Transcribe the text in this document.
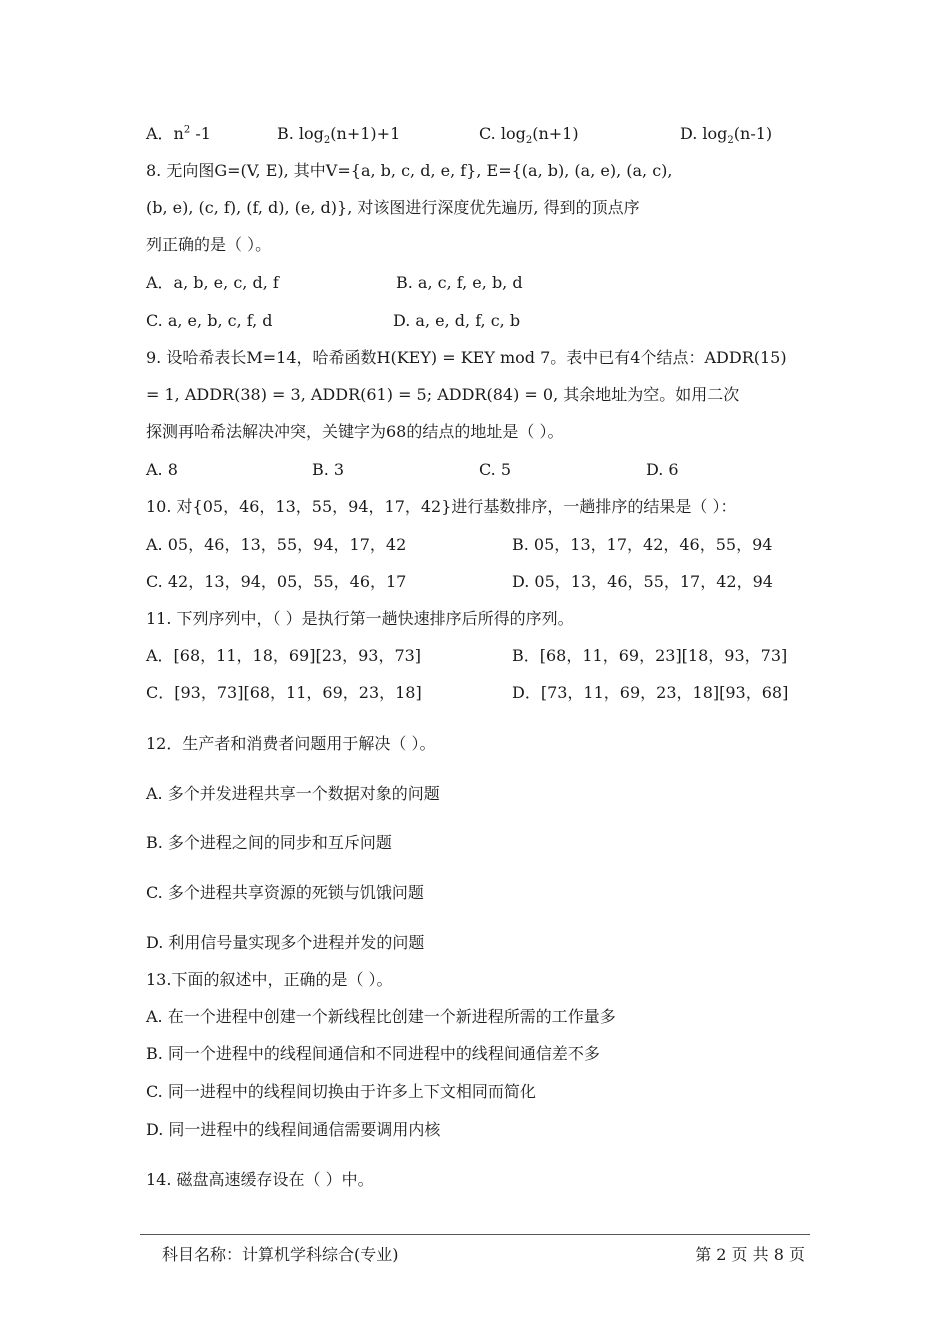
A．$n^2$ -1	B. $\log_2(n+1)+1$	C. $\log_2(n+1)$	D. $\log_2(n-1)$
8. 无向图G=(V, E), 其中V={a, b, c, d, e, f}, E={(a, b), (a, e), (a, c),
(b, e), (c, f), (f, d), (e, d)}, 对该图进行深度优先遍历, 得到的顶点序
列正确的是（ ）。
A．a, b, e, c, d, f	B. a, c, f, e, b, d
C. a, e, b, c, f, d	D. a, e, d, f, c, b
9. 设哈希表长M=14，哈希函数H(KEY) = KEY mod 7。表中已有4个结点：ADDR(15)
= 1, ADDR(38) = 3, ADDR(61) = 5; ADDR(84) = 0, 其余地址为空。如用二次
探测再哈希法解决冲突，关键字为68的结点的地址是（ ）。
A. 8	B. 3	C. 5	D. 6
10. 对{05，46，13，55，94，17，42}进行基数排序，一趟排序的结果是（ ）：
A. 05，46，13，55，94，17，42	B. 05，13，17，42，46，55，94
C. 42，13，94，05，55，46，17	D. 05，13，46，55，17，42，94
11. 下列序列中，（ ）是执行第一趟快速排序后所得的序列。
A．[68，11，18，69][23，93，73]	B．[68，11，69，23][18，93，73]
C．[93，73][68，11，69，23，18]	D．[73，11，69，23，18][93，68]
12．生产者和消费者问题用于解决（ ）。
A. 多个并发进程共享一个数据对象的问题
B. 多个进程之间的同步和互斥问题
C. 多个进程共享资源的死锁与饥饿问题
D. 利用信号量实现多个进程并发的问题
13.下面的叙述中，正确的是（ ）。
A. 在一个进程中创建一个新线程比创建一个新进程所需的工作量多
B. 同一个进程中的线程间通信和不同进程中的线程间通信差不多
C. 同一进程中的线程间切换由于许多上下文相同而简化
D. 同一进程中的线程间通信需要调用内核
14. 磁盘高速缓存设在（ ）中。
科目名称：计算机学科综合(专业)	第 2 页 共 8 页
